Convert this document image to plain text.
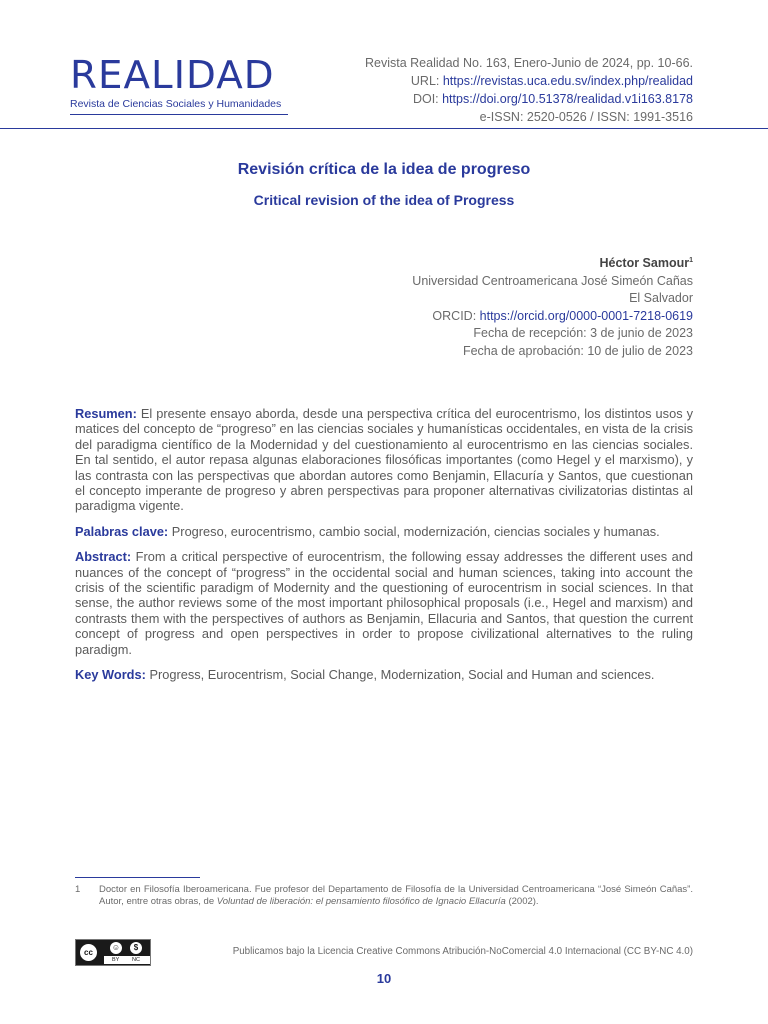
REALIDAD
Revista de Ciencias Sociales y Humanidades
Revista Realidad No. 163, Enero-Junio de 2024, pp. 10-66.
URL: https://revistas.uca.edu.sv/index.php/realidad
DOI: https://doi.org/10.51378/realidad.v1i163.8178
e-ISSN: 2520-0526 / ISSN: 1991-3516
Revisión crítica de la idea de progreso
Critical revision of the idea of Progress
Héctor Samour$^1$
Universidad Centroamericana José Simeón Cañas
El Salvador
ORCID: https://orcid.org/0000-0001-7218-0619
Fecha de recepción: 3 de junio de 2023
Fecha de aprobación: 10 de julio de 2023

Resumen: El presente ensayo aborda, desde una perspectiva crítica del eurocentrismo, los distintos usos y matices del concepto de “progreso” en las ciencias sociales y humanísticas occidentales, en vista de la crisis del paradigma científico de la Modernidad y del cuestionamiento al eurocentrismo en las ciencias sociales. En tal sentido, el autor repasa algunas elaboraciones filosóficas importantes (como Hegel y el marxismo), y las contrasta con las perspectivas que abordan autores como Benjamin, Ellacuría y Santos, que cuestionan el concepto imperante de progreso y abren perspectivas para proponer alternativas civilizatorias distintas al paradigma vigente.

Palabras clave: Progreso, eurocentrismo, cambio social, modernización, ciencias sociales y humanas.

Abstract: From a critical perspective of eurocentrism, the following essay addresses the different uses and nuances of the concept of “progress” in the occidental social and human sciences, taking into account the crisis of the scientific paradigm of Modernity and the questioning of eurocentrism in social sciences. In that sense, the author reviews some of the most important philosophical proposals (i.e., Hegel and marxism) and contrasts them with the perspectives of authors as Benjamin, Ellacuria and Santos, that question the current concept of progress and open perspectives in order to propose civilizational alternatives to the ruling paradigm.

Key Words: Progress, Eurocentrism, Social Change, Modernization, Social and Human and sciences.

1 Doctor en Filosofía Iberoamericana. Fue profesor del Departamento de Filosofía de la Universidad Centroamericana “José Simeón Cañas”. Autor, entre otras obras, de Voluntad de liberación: el pensamiento filosófico de Ignacio Ellacuría (2002).
cc
☺	$
BY NC
Publicamos bajo la Licencia Creative Commons Atribución-NoComercial 4.0 Internacional (CC BY-NC 4.0)
10
